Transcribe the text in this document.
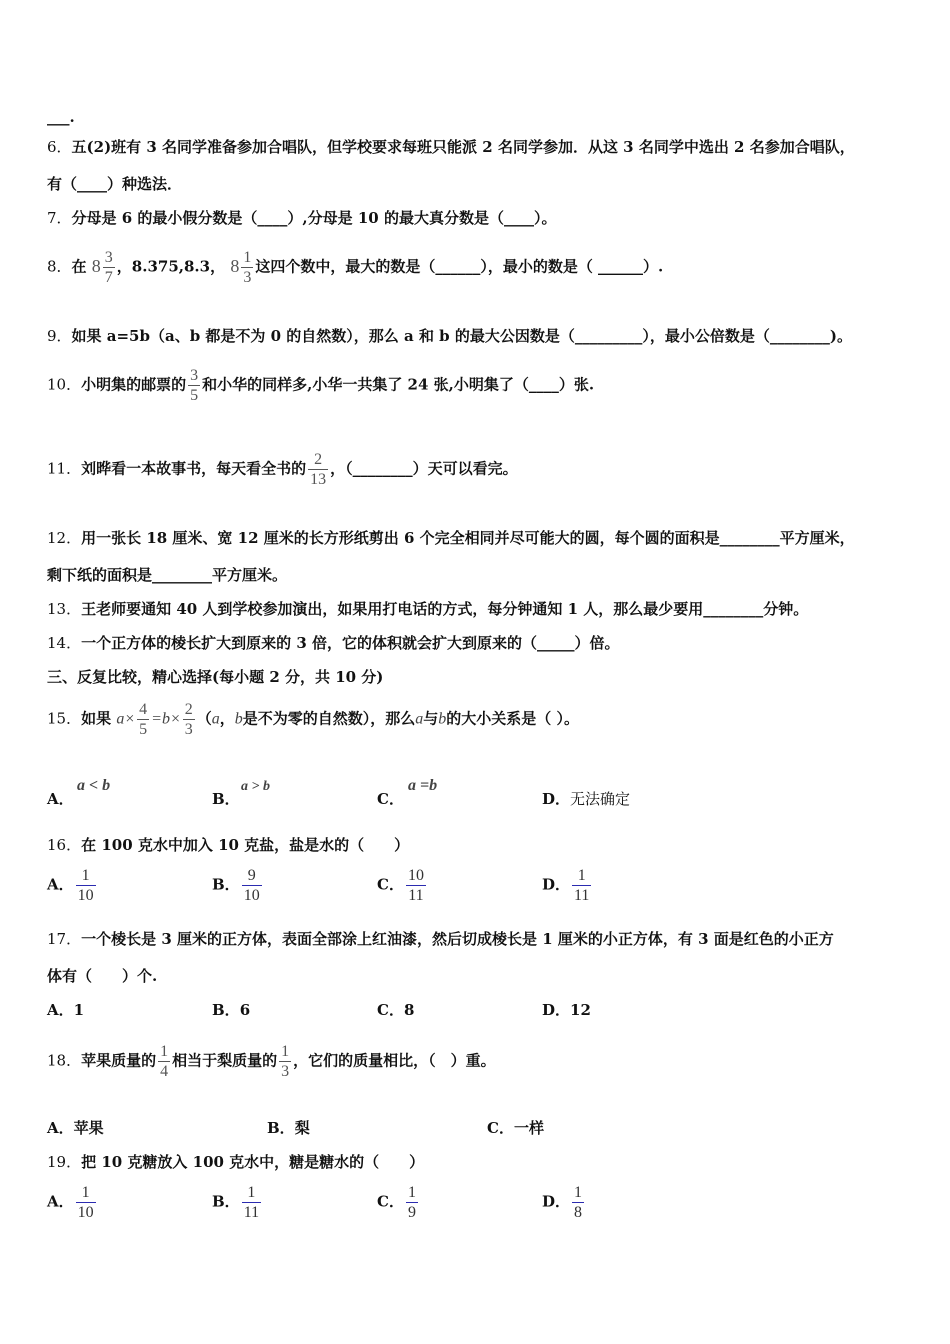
___.
6．五(2)班有 3 名同学准备参加合唱队，但学校要求每班只能派 2 名同学参加．从这 3 名同学中选出 2 名参加合唱队，
有（____）种选法．
7．分母是 6 的最小假分数是（____）,分母是 10 的最大真分数是（____）。
8．在 $8 \frac{3}{7}$ ，8.375,8.3， $8 \frac{1}{3}$ 这四个数中，最大的数是（______），最小的数是（ ______）.
9．如果 a=5b（a、b 都是不为 0 的自然数），那么 a 和 b 的最大公因数是（_________），最小公倍数是（________)。
10．小明集的邮票的 $\frac{3}{5}$ 和小华的同样多,小华一共集了 24 张,小明集了（____）张.
11．刘晔看一本故事书，每天看全书的 $\frac{2}{13}$ ，（________）天可以看完。
12．用一张长 18 厘米、宽 12 厘米的长方形纸剪出 6 个完全相同并尽可能大的圆，每个圆的面积是________平方厘米，
剩下纸的面积是________平方厘米。
13．王老师要通知 40 人到学校参加演出，如果用打电话的方式，每分钟通知 1 人，那么最少要用________分钟。
14．一个正方体的棱长扩大到原来的 3 倍，它的体积就会扩大到原来的（_____）倍。
三、反复比较，精心选择(每小题 2 分，共 10 分)
15．如果 $a\times \frac{4}{5} =b\times \frac{2}{3} (a$，b是不为零的自然数），那么a与b的大小关系是（ ）。
A．
a < b
B．
a > b
C．
a =b
D．无法确定
16．在 100 克水中加入 10 克盐，盐是水的（　　）
A． $\frac{1}{10}$	B． $\frac{9}{10}$	C． $\frac{10}{11}$	D． $\frac{1}{11}$
17．一个棱长是 3 厘米的正方体，表面全部涂上红油漆，然后切成棱长是 1 厘米的小正方体，有 3 面是红色的小正方
体有（　　）个.
A．1	B．6	C．8	D．12
18．苹果质量的 $\frac{1}{4}$ 相当于梨质量的 $\frac{1}{3}$ ，它们的质量相比，（　）重。
A．苹果	B．梨	C．一样
19．把 10 克糖放入 100 克水中，糖是糖水的（　　）
A． $\frac{1}{10}$	B． $\frac{1}{11}$	C． $\frac{1}{9}$	D． $\frac{1}{8}$
